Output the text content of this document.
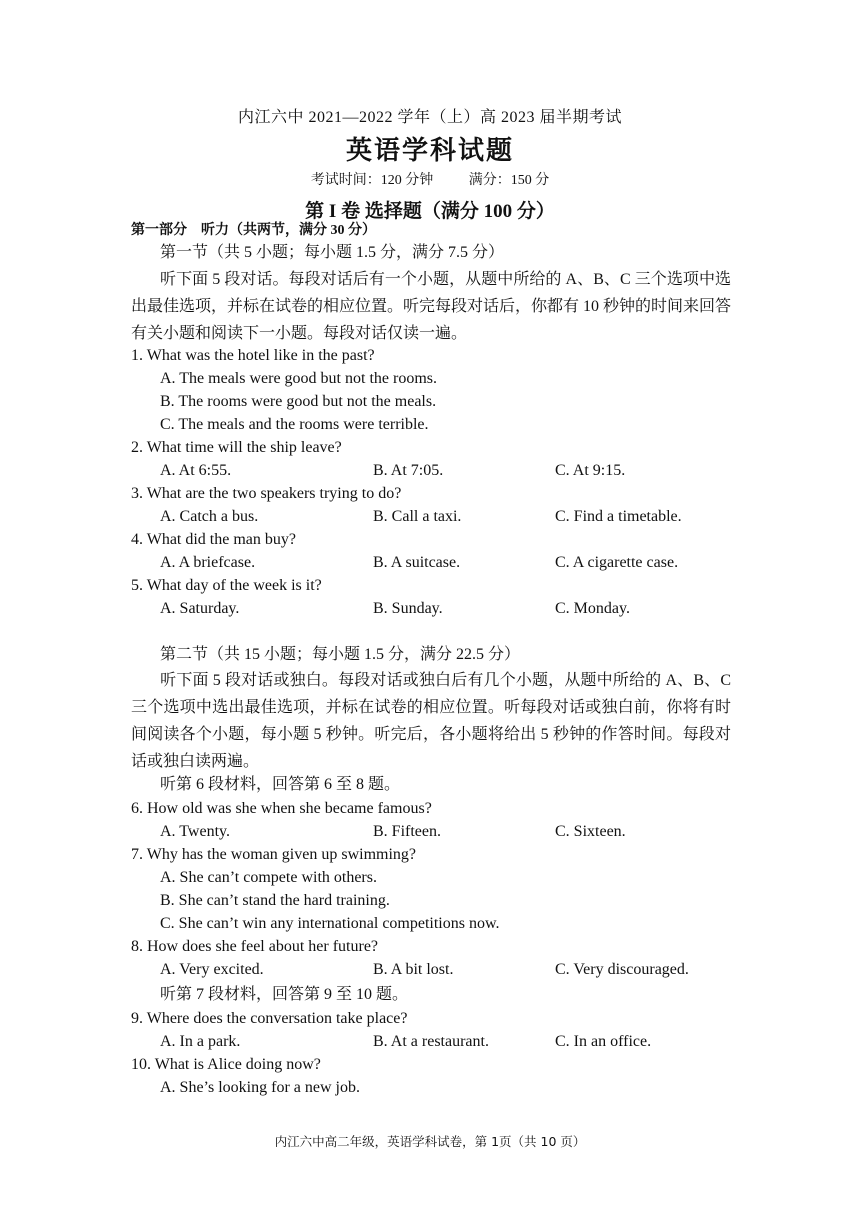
内江六中 2021—2022 学年（上）高 2023 届半期考试
英语学科试题
考试时间：120 分钟	满分：150 分
第 I 卷 选择题（满分 100 分）
第一部分 听力（共两节，满分 30 分）
第一节（共 5 小题；每小题 1.5 分，满分 7.5 分）
听下面 5 段对话。每段对话后有一个小题，从题中所给的 A、B、C 三个选项中选出最佳选项，并标在试卷的相应位置。听完每段对话后，你都有 10 秒钟的时间来回答有关小题和阅读下一小题。每段对话仅读一遍。
1. What was the hotel like in the past?
A. The meals were good but not the rooms.
B. The rooms were good but not the meals.
C. The meals and the rooms were terrible.
2. What time will the ship leave?
A. At 6:55.	B. At 7:05.	C. At 9:15.
3. What are the two speakers trying to do?
A. Catch a bus.	B. Call a taxi.	C. Find a timetable.
4. What did the man buy?
A. A briefcase.	B. A suitcase.	C. A cigarette case.
5. What day of the week is it?
A. Saturday.	B. Sunday.	C. Monday.
第二节（共 15 小题；每小题 1.5 分，满分 22.5 分）
听下面 5 段对话或独白。每段对话或独白后有几个小题，从题中所给的 A、B、C 三个选项中选出最佳选项，并标在试卷的相应位置。听每段对话或独白前，你将有时间阅读各个小题，每小题 5 秒钟。听完后，各小题将给出 5 秒钟的作答时间。每段对话或独白读两遍。
听第 6 段材料，回答第 6 至 8 题。
6. How old was she when she became famous?
A. Twenty.	B. Fifteen.	C. Sixteen.
7. Why has the woman given up swimming?
A. She can’t compete with others.
B. She can’t stand the hard training.
C. She can’t win any international competitions now.
8. How does she feel about her future?
A. Very excited.	B. A bit lost.	C. Very discouraged.
听第 7 段材料，回答第 9 至 10 题。
9. Where does the conversation take place?
A. In a park.	B. At a restaurant.	C. In an office.
10. What is Alice doing now?
A. She’s looking for a new job.
内江六中高二年级，英语学科试卷，第 1页（共 10 页）
